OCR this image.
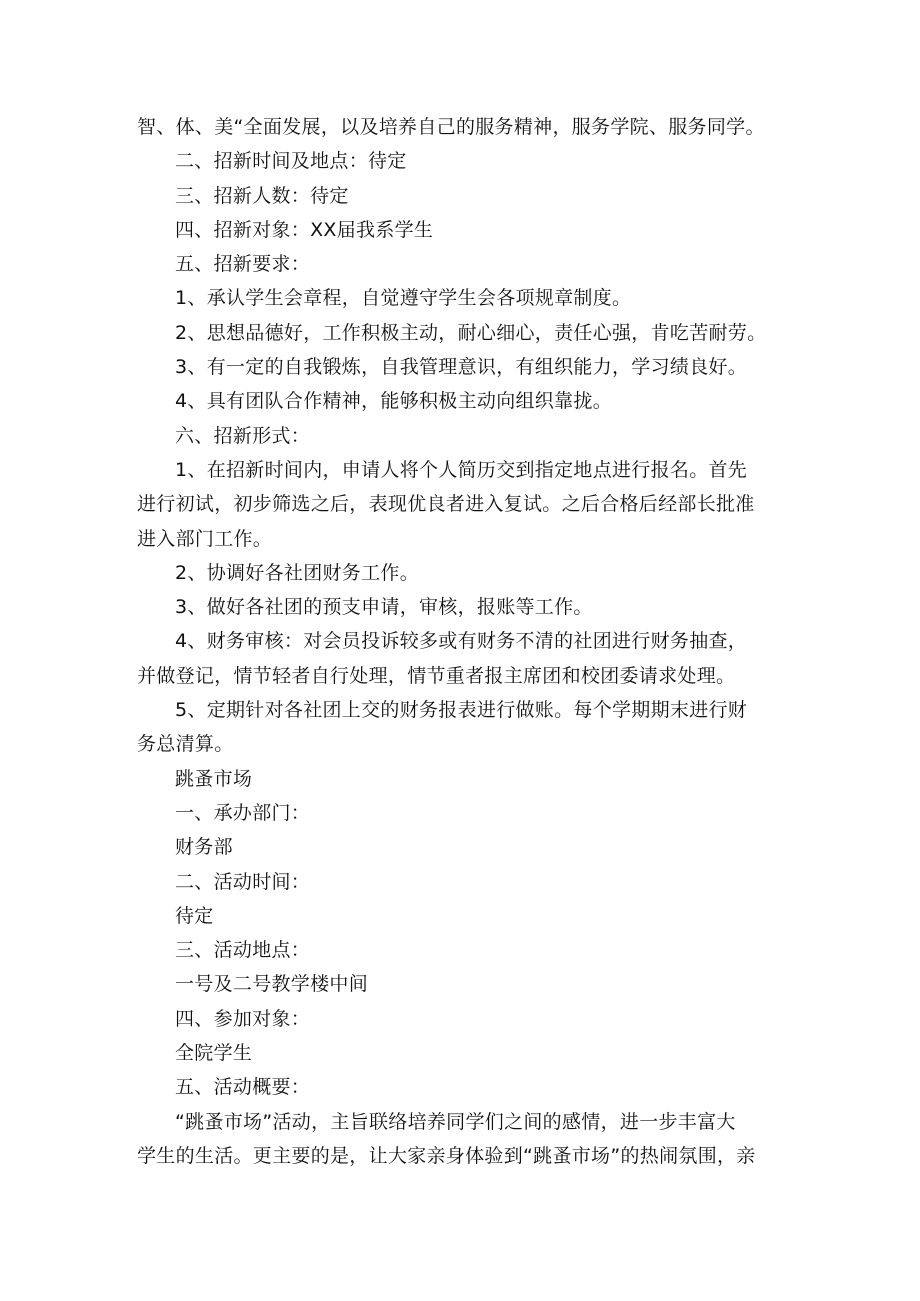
智、体、美“全面发展，以及培养自己的服务精神，服务学院、服务同学。
二、招新时间及地点：待定
三、招新人数：待定
四、招新对象：XX届我系学生
五、招新要求：
1、承认学生会章程，自觉遵守学生会各项规章制度。
2、思想品德好，工作积极主动，耐心细心，责任心强，肯吃苦耐劳。
3、有一定的自我锻炼，自我管理意识，有组织能力，学习绩良好。
4、具有团队合作精神，能够积极主动向组织靠拢。
六、招新形式：
1、在招新时间内，申请人将个人简历交到指定地点进行报名。首先
进行初试，初步筛选之后，表现优良者进入复试。之后合格后经部长批准
进入部门工作。
2、协调好各社团财务工作。
3、做好各社团的预支申请，审核，报账等工作。
4、财务审核：对会员投诉较多或有财务不清的社团进行财务抽查，
并做登记，情节轻者自行处理，情节重者报主席团和校团委请求处理。
5、定期针对各社团上交的财务报表进行做账。每个学期期末进行财
务总清算。
跳蚤市场
一、承办部门：
财务部
二、活动时间：
待定
三、活动地点：
一号及二号教学楼中间
四、参加对象：
全院学生
五、活动概要：
“跳蚤市场”活动，主旨联络培养同学们之间的感情，进一步丰富大
学生的生活。更主要的是，让大家亲身体验到“跳蚤市场”的热闹氛围，亲
